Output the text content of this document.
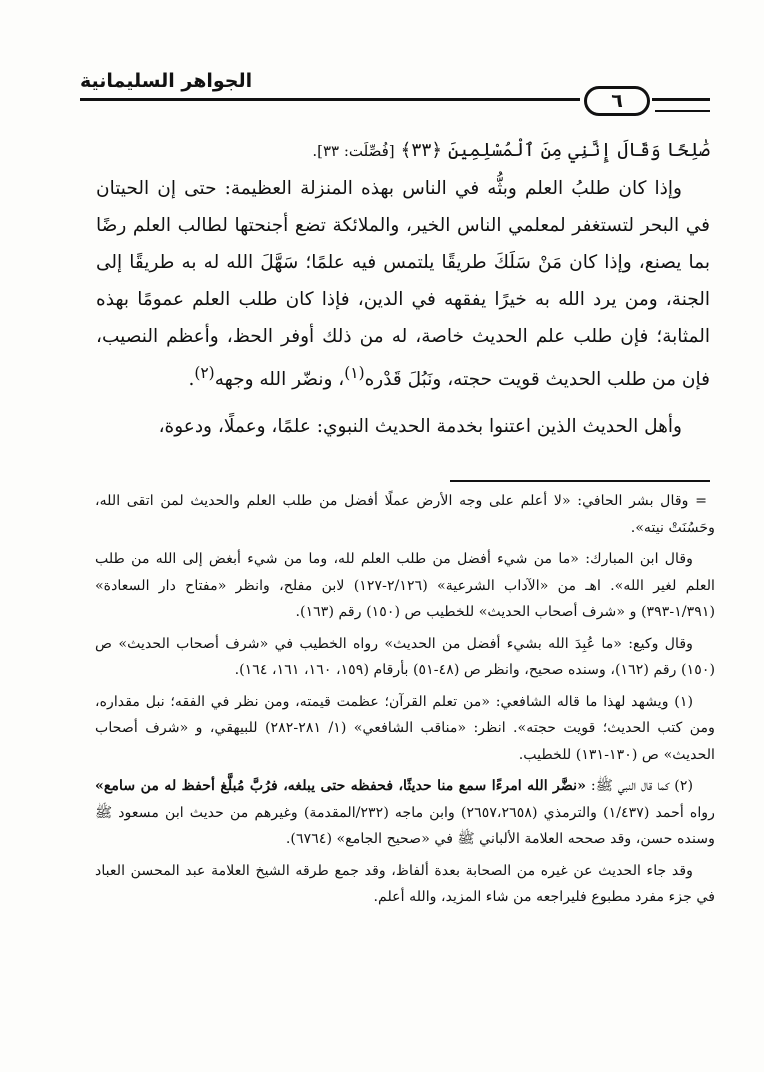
الجواهر السليمانية
٦

صَٰلِحًا وَقَالَ إِنَّنِي مِنَ ٱلْمُسْلِمِينَ ﴿٣٣﴾ [فُصِّلَت: ٣٣].

وإذا كان طلبُ العلم وبثُّه في الناس بهذه المنزلة العظيمة: حتى إن الحيتان في البحر لتستغفر لمعلمي الناس الخير، والملائكة تضع أجنحتها لطالب العلم رضًا بما يصنع، وإذا كان مَنْ سَلَكَ طريقًا يلتمس فيه علمًا؛ سَهَّلَ الله له به طريقًا إلى الجنة، ومن يرد الله به خيرًا يفقهه في الدين، فإذا كان طلب العلم عمومًا بهذه المثابة؛ فإن طلب علم الحديث خاصة، له من ذلك أوفر الحظ، وأعظم النصيب، فإن من طلب الحديث قويت حجته، ونَبُلَ قَدْره$^{(١)}$، ونضّر الله وجهه$^{(٢)}$.

وأهل الحديث الذين اعتنوا بخدمة الحديث النبوي: علمًا، وعملًا، ودعوة،

= وقال بشر الحافي: «لا أعلم على وجه الأرض عملًا أفضل من طلب العلم والحديث لمن اتقى الله، وحَسُنَتْ نيته».

وقال ابن المبارك: «ما من شيء أفضل من طلب العلم لله، وما من شيء أبغض إلى الله من طلب العلم لغير الله». اهـ من «الآداب الشرعية» (٢/١٢٦-١٢٧) لابن مفلح، وانظر «مفتاح دار السعادة» (١/٣٩١-٣٩٣) و «شرف أصحاب الحديث» للخطيب ص (١٥٠) رقم (١٦٣).

وقال وكيع: «ما عُبِدَ الله بشيء أفضل من الحديث» رواه الخطيب في «شرف أصحاب الحديث» ص (١٥٠) رقم (١٦٢)، وسنده صحيح، وانظر ص (٤٨-٥١) بأرقام (١٥٩، ١٦٠، ١٦١، ١٦٤).

(١) ويشهد لهذا ما قاله الشافعي: «من تعلم القرآن؛ عظمت قيمته، ومن نظر في الفقه؛ نبل مقداره، ومن كتب الحديث؛ قويت حجته». انظر: «مناقب الشافعي» (١/ ٢٨١-٢٨٢) للبيهقي، و «شرف أصحاب الحديث» ص (١٣٠-١٣١) للخطيب.

(٢) كما قال النبي ﷺ: «نضَّر الله امرءًا سمع منا حديثًا، فحفظه حتى يبلغه، فرُبَّ مُبلَّغ أحفظ له من سامع» رواه أحمد (١/٤٣٧) والترمذي (٢٦٥٧،٢٦٥٨) وابن ماجه (٢٣٢/المقدمة) وغيرهم من حديث ابن مسعود ﷺ وسنده حسن، وقد صححه العلامة الألباني ﷺ في «صحيح الجامع» (٦٧٦٤).

وقد جاء الحديث عن غيره من الصحابة بعدة ألفاظ، وقد جمع طرقه الشيخ العلامة عبد المحسن العباد في جزء مفرد مطبوع فليراجعه من شاء المزيد، والله أعلم.
